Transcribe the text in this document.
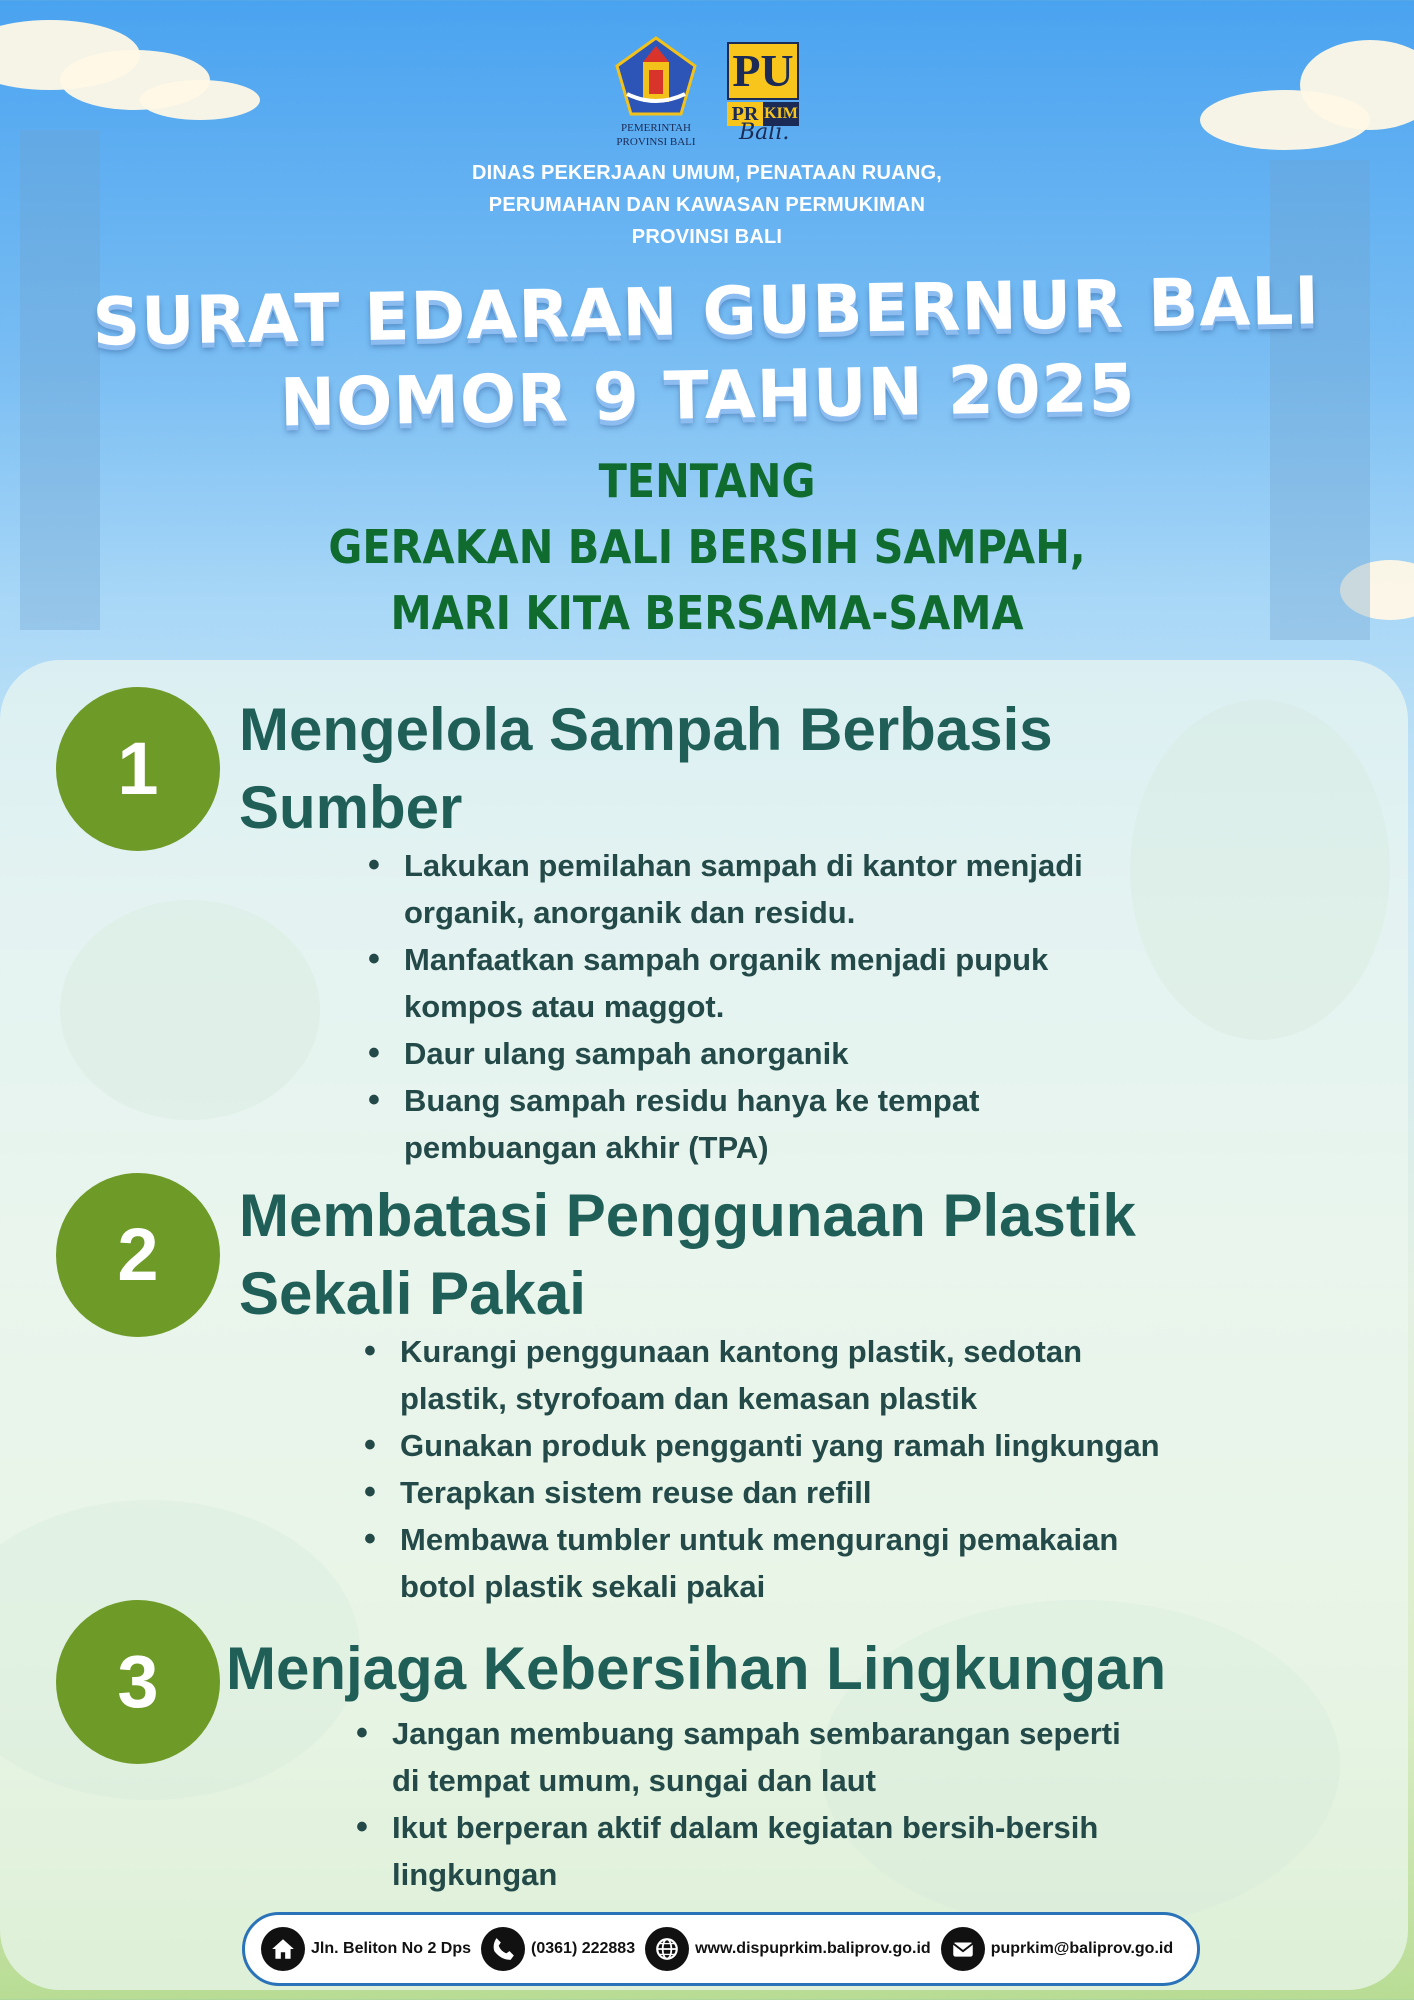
PEMERINTAH
PROVINSI BALI
PU
PR KIM
Bali.
DINAS PEKERJAAN UMUM, PENATAAN RUANG,
PERUMAHAN DAN KAWASAN PERMUKIMAN
PROVINSI BALI
SURAT EDARAN GUBERNUR BALI
NOMOR 9 TAHUN 2025
TENTANG
GERAKAN BALI BERSIH SAMPAH,
MARI KITA BERSAMA-SAMA
1	Mengelola Sampah Berbasis
Sumber
• Lakukan pemilahan sampah di kantor menjadi
organik, anorganik dan residu.
• Manfaatkan sampah organik menjadi pupuk
kompos atau maggot.
• Daur ulang sampah anorganik
• Buang sampah residu hanya ke tempat
pembuangan akhir (TPA)
2	Membatasi Penggunaan Plastik
Sekali Pakai
• Kurangi penggunaan kantong plastik, sedotan
plastik, styrofoam dan kemasan plastik
• Gunakan produk pengganti yang ramah lingkungan
• Terapkan sistem reuse dan refill
• Membawa tumbler untuk mengurangi pemakaian
botol plastik sekali pakai
3	Menjaga Kebersihan Lingkungan
• Jangan membuang sampah sembarangan seperti
di tempat umum, sungai dan laut
• Ikut berperan aktif dalam kegiatan bersih-bersih
lingkungan
Jln. Beliton No 2 Dps	(0361) 222883	www.dispuprkim.baliprov.go.id	puprkim@baliprov.go.id
